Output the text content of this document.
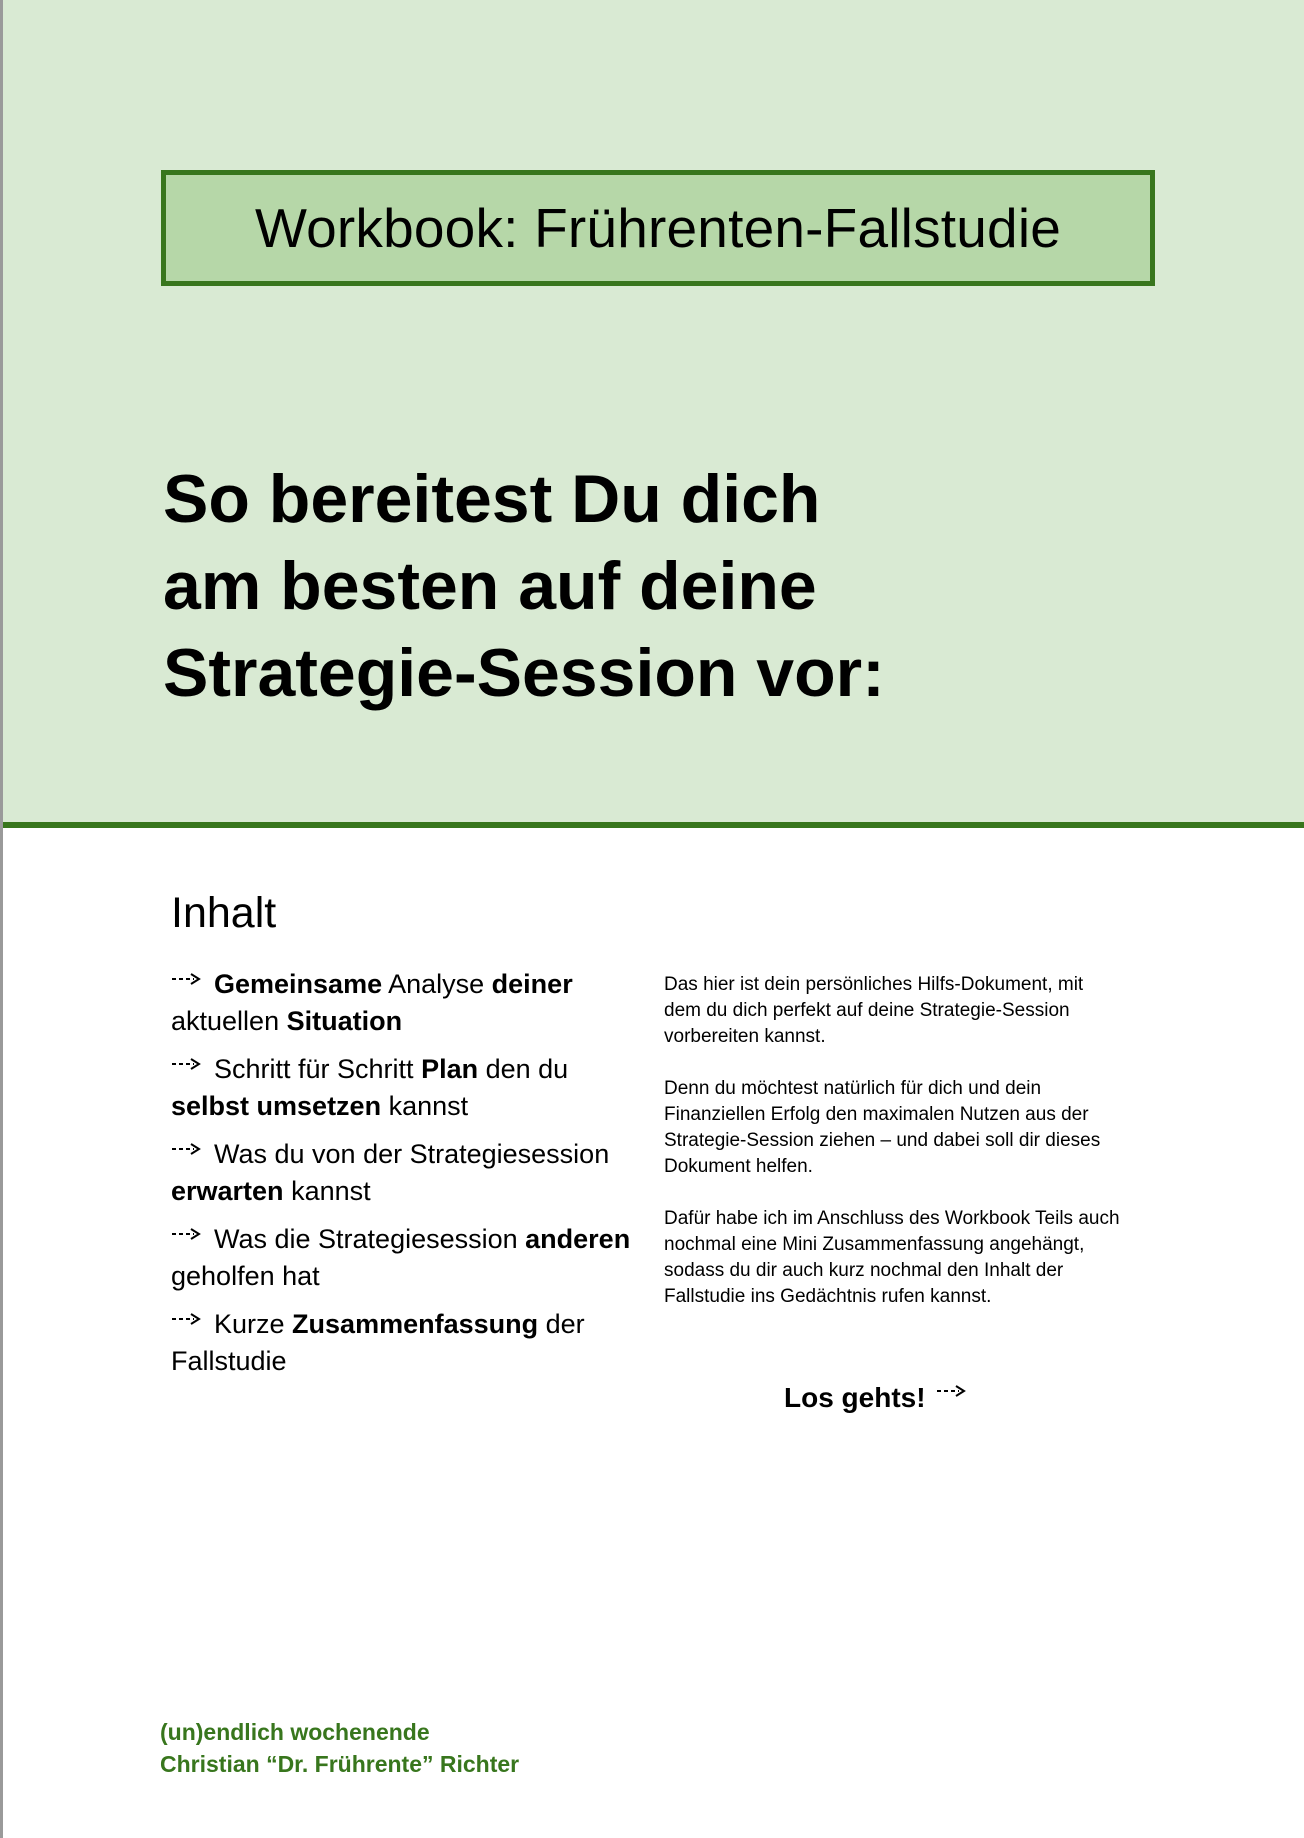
Workbook: Frührenten-Fallstudie
So bereitest Du dich
am besten auf deine
Strategie-Session vor:
Inhalt
Gemeinsame Analyse deiner aktuellen Situation
Schritt für Schritt Plan den du selbst umsetzen kannst
Was du von der Strategiesession erwarten kannst
Was die Strategiesession anderen geholfen hat
Kurze Zusammenfassung der Fallstudie

Das hier ist dein persönliches Hilfs-Dokument, mit dem du dich perfekt auf deine Strategie-Session vorbereiten kannst.

Denn du möchtest natürlich für dich und dein Finanziellen Erfolg den maximalen Nutzen aus der Strategie-Session ziehen – und dabei soll dir dieses Dokument helfen.

Dafür habe ich im Anschluss des Workbook Teils auch nochmal eine Mini Zusammenfassung angehängt, sodass du dir auch kurz nochmal den Inhalt der Fallstudie ins Gedächtnis rufen kannst.

Los gehts!
(un)endlich wochenende
Christian “Dr. Frührente” Richter
